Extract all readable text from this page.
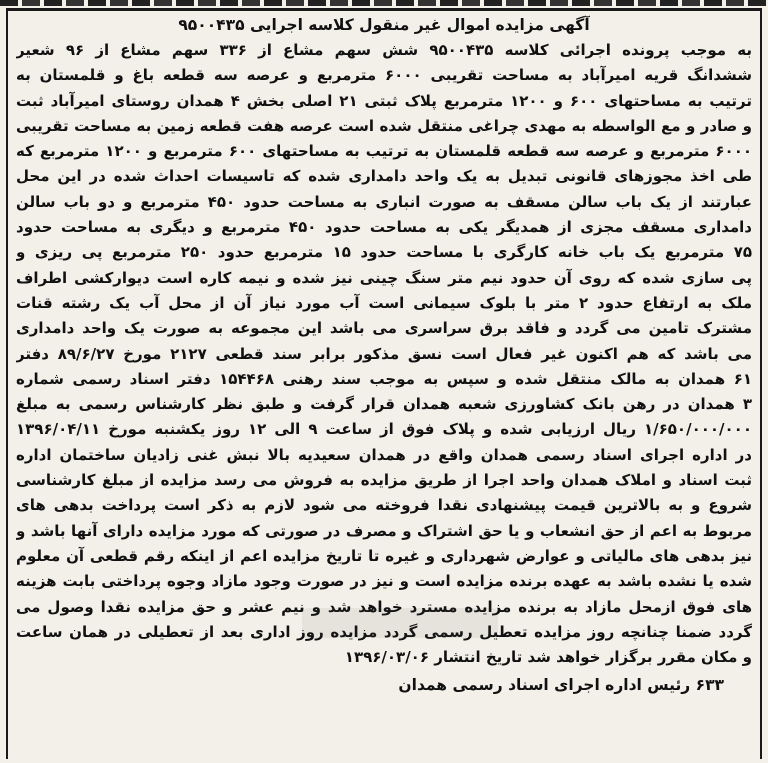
آگهی مزایده اموال غیر منقول کلاسه اجرایی ۹۵۰۰۴۳۵
به موجب پرونده اجرائی کلاسه ۹۵۰۰۴۳۵ شش سهم مشاع از ۳۳۶ سهم مشاع از ۹۶ شعیر
ششدانگ قریه امیرآباد به مساحت تقریبی ۶۰۰۰ مترمربع و عرصه سه قطعه باغ و قلمستان به
ترتیب به مساحتهای ۶۰۰ و ۱۲۰۰ مترمربع پلاک ثبتی ۲۱ اصلی بخش ۴ همدان روستای امیرآباد ثبت
و صادر و مع الواسطه به مهدی چراغی منتقل شده است عرصه هفت قطعه زمین به مساحت تقریبی
۶۰۰۰ مترمربع و عرصه سه قطعه قلمستان به ترتیب به مساحتهای ۶۰۰ مترمربع و ۱۲۰۰ مترمربع که
طی اخذ مجوزهای قانونی تبدیل به یک واحد دامداری شده که تاسیسات احداث شده در این محل
عبارتند از یک باب سالن مسقف به صورت انباری به مساحت حدود ۴۵۰ مترمربع و دو باب سالن
دامداری مسقف مجزی از همدیگر یکی به مساحت حدود ۴۵۰ مترمربع و دیگری به مساحت حدود
۷۵ مترمربع یک باب خانه کارگری با مساحت حدود ۱۵ مترمربع حدود ۲۵۰ مترمربع پی ریزی و
پی سازی شده که روی آن حدود نیم متر سنگ چینی نیز شده و نیمه کاره است دیوارکشی اطراف
ملک به ارتفاع حدود ۲ متر با بلوک سیمانی است آب مورد نیاز آن از محل آب یک رشته قنات
مشترک تامین می گردد و فاقد برق سراسری می باشد این مجموعه به صورت یک واحد دامداری
می باشد که هم اکنون غیر فعال است نسق مذکور برابر سند قطعی ۲۱۲۷ مورخ ۸۹/۶/۲۷ دفتر
۶۱ همدان به مالک منتقل شده و سپس به موجب سند رهنی ۱۵۴۴۶۸ دفتر اسناد رسمی شماره
۳ همدان در رهن بانک کشاورزی شعبه همدان قرار گرفت و طبق نظر کارشناس رسمی به مبلغ
۱/۶۵۰/۰۰۰/۰۰۰ ریال ارزیابی شده و پلاک فوق از ساعت ۹ الی ۱۲ روز یکشنبه مورخ ۱۳۹۶/۰۴/۱۱
در اداره اجرای اسناد رسمی همدان واقع در همدان سعیدیه بالا نبش غنی زادیان ساختمان اداره
ثبت اسناد و املاک همدان واحد اجرا از طریق مزایده به فروش می رسد مزایده از مبلغ کارشناسی
شروع و به بالاترین قیمت پیشنهادی نقدا فروخته می شود لازم به ذکر است پرداخت بدهی های
مربوط به اعم از حق انشعاب و یا حق اشتراک و مصرف در صورتی که مورد مزایده دارای آنها باشد و
نیز بدهی های مالیاتی و عوارض شهرداری و غیره تا تاریخ مزایده اعم از اینکه رقم قطعی آن معلوم
شده یا نشده باشد به عهده برنده مزایده است و نیز در صورت وجود مازاد وجوه پرداختی بابت هزینه
های فوق ازمحل مازاد به برنده مزایده مسترد خواهد شد و نیم عشر و حق مزایده نقدا وصول می
گردد ضمنا چنانچه روز مزایده تعطیل رسمی گردد مزایده روز اداری بعد از تعطیلی در همان ساعت
و مکان مقرر برگزار خواهد شد تاریخ انتشار ۱۳۹۶/۰۳/۰۶
۶۳۳ رئیس اداره اجرای اسناد رسمی همدان
